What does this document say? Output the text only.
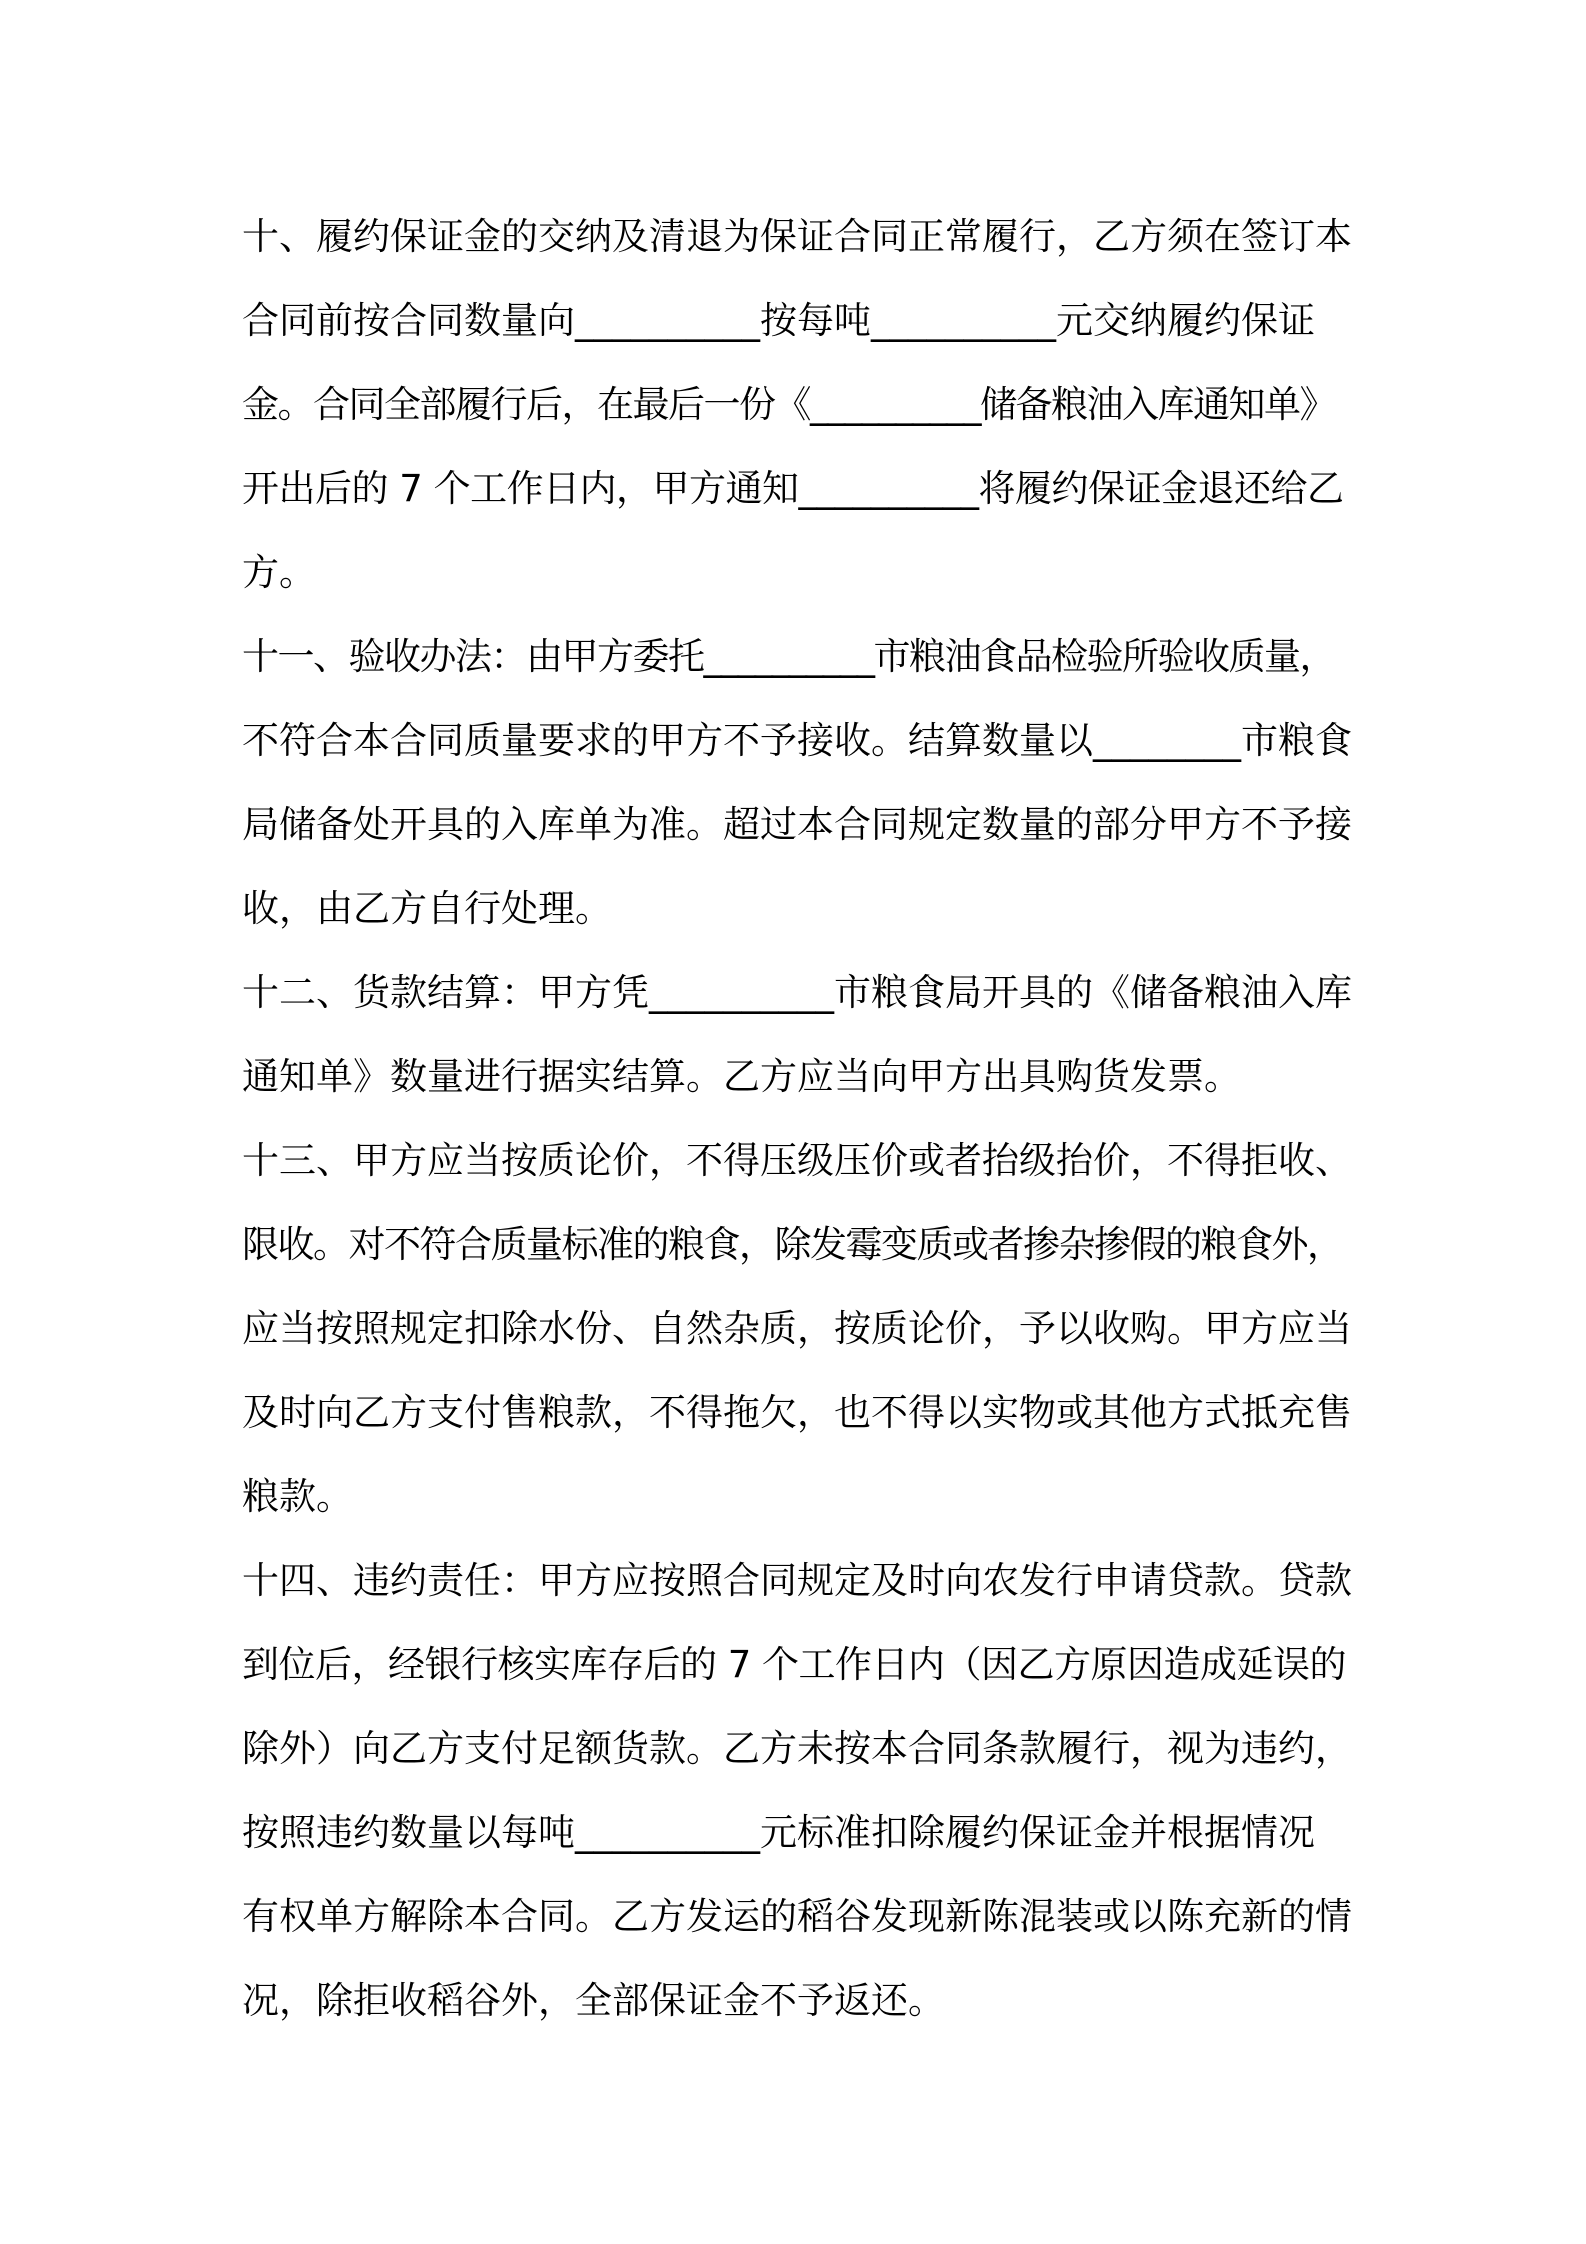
十、履约保证金的交纳及清退为保证合同正常履行，乙方须在签订本
合同前按合同数量向__________按每吨__________元交纳履约保证
金。合同全部履行后，在最后一份《__________储备粮油入库通知单》
开出后的 7 个工作日内，甲方通知__________将履约保证金退还给乙
方。
十一、验收办法：由甲方委托__________市粮油食品检验所验收质量，
不符合本合同质量要求的甲方不予接收。结算数量以________市粮食
局储备处开具的入库单为准。超过本合同规定数量的部分甲方不予接
收，由乙方自行处理。
十二、货款结算：甲方凭__________市粮食局开具的《储备粮油入库
通知单》数量进行据实结算。乙方应当向甲方出具购货发票。
十三、甲方应当按质论价，不得压级压价或者抬级抬价，不得拒收、
限收。对不符合质量标准的粮食，除发霉变质或者掺杂掺假的粮食外，
应当按照规定扣除水份、自然杂质，按质论价，予以收购。甲方应当
及时向乙方支付售粮款，不得拖欠，也不得以实物或其他方式抵充售
粮款。
十四、违约责任：甲方应按照合同规定及时向农发行申请贷款。贷款
到位后，经银行核实库存后的 7 个工作日内（因乙方原因造成延误的
除外）向乙方支付足额货款。乙方未按本合同条款履行，视为违约，
按照违约数量以每吨__________元标准扣除履约保证金并根据情况
有权单方解除本合同。乙方发运的稻谷发现新陈混装或以陈充新的情
况，除拒收稻谷外，全部保证金不予返还。
